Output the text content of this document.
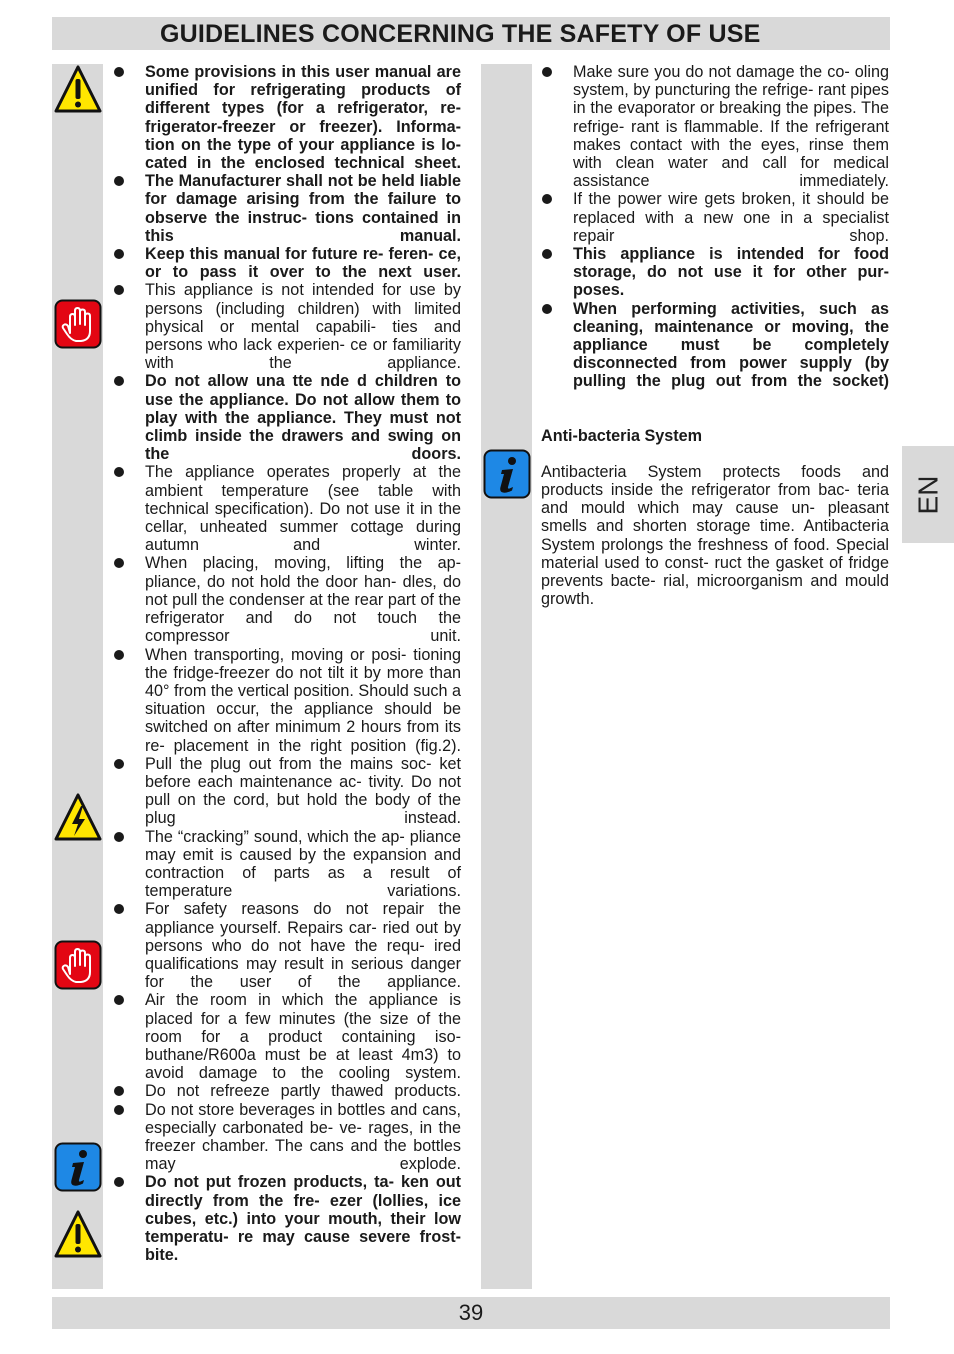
GUIDELINES CONCERNING THE SAFETY OF USE
Some provisions in this user manual are unified for refrigerating products of different types (for a refrigerator, re- frigerator-freezer or freezer). Informa- tion on the type of your appliance is lo- cated in the enclosed technical sheet.
The Manufacturer shall not be held liable for damage arising from the failure to observe the instruc- tions contained in this manual.
Keep this manual for future re- feren- ce, or to pass it over to the next user.
This appliance is not intended for use by persons (including children) with limited physical or mental capabili- ties and persons who lack experien- ce or familiarity with the appliance.
Do not allow una tte nde d children to use the appliance. Do not allow them to play with the appliance. They must not climb inside the drawers and swing on the doors.
The appliance operates properly at the ambient temperature (see table with technical specification). Do not use it in the cellar, unheated summer cottage during autumn and winter.
When placing, moving, lifting the ap- pliance, do not hold the door han- dles, do not pull the condenser at the rear part of the refrigerator and do not touch the compressor unit.
When transporting, moving or posi- tioning the fridge-freezer do not tilt it by more than 40° from the vertical position. Should such a situation occur, the appliance should be switched on after minimum 2 hours from its re- placement in the right position (fig.2).
Pull the plug out from the mains soc- ket before each maintenance ac- tivity. Do not pull on the cord, but hold the body of the plug instead.
The “cracking” sound, which the ap- pliance may emit is caused by the expansion and contraction of parts as a result of temperature variations.
For safety reasons do not repair the appliance yourself. Repairs car- ried out by persons who do not have the requ- ired qualifications may result in serious danger for the user of the appliance.
Air the room in which the appliance is placed for a few minutes (the size of the room for a product containing iso- buthane/R600a must be at least 4m3) to avoid damage to the cooling system.
Do not refreeze partly thawed products.
Do not store beverages in bottles and cans, especially carbonated be- ve- rages, in the freezer chamber. The cans and the bottles may explode.
Do not put frozen products, ta- ken out directly from the fre- ezer (lollies, ice cubes, etc.) into your mouth, their low temperatu- re may cause severe frost-bite.
Make sure you do not damage the co- oling system, by puncturing the refrige- rant pipes in the evaporator or breaking the pipes. The refrige- rant is flammable. If the refrigerant makes contact with the eyes, rinse them with clean water and call for medical assistance immediately.
If the power wire gets broken, it should be replaced with a new one in a specialist repair shop.
This appliance is intended for food storage, do not use it for other pur- poses.
When performing activities, such as cleaning, maintenance or moving, the appliance must be completely disconnected from power supply (by pulling the plug out from the socket)
Anti-bacteria System
Antibacteria System protects foods and products inside the refrigerator from bac- teria and mould which may cause un- pleasant smells and shorten storage time. Antibacteria System prolongs the freshness of food. Special material used to const- ruct the gasket of fridge prevents bacte- rial, microorganism and mould growth.
EN
39
